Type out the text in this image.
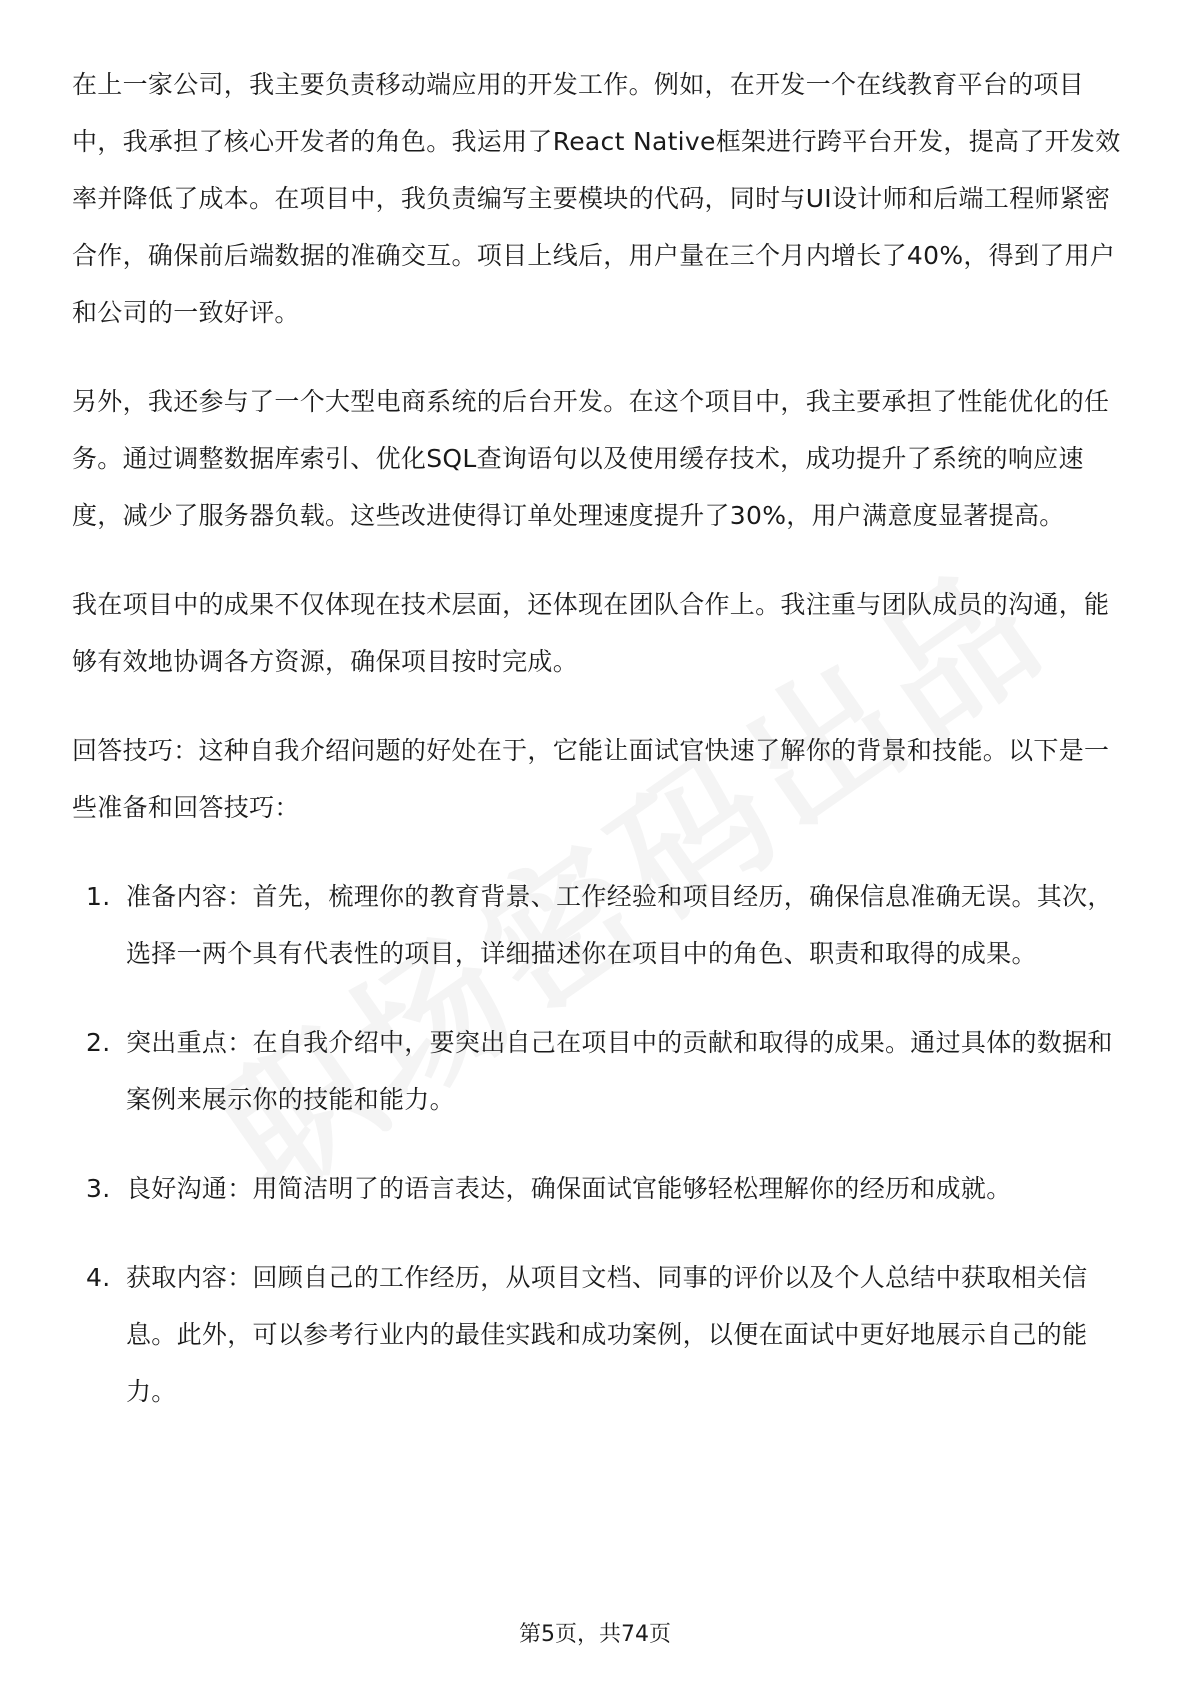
在上一家公司，我主要负责移动端应用的开发工作。例如，在开发一个在线教育平台的项目中，我承担了核心开发者的角色。我运用了React Native框架进行跨平台开发，提高了开发效率并降低了成本。在项目中，我负责编写主要模块的代码，同时与UI设计师和后端工程师紧密合作，确保前后端数据的准确交互。项目上线后，用户量在三个月内增长了40%，得到了用户和公司的一致好评。

另外，我还参与了一个大型电商系统的后台开发。在这个项目中，我主要承担了性能优化的任务。通过调整数据库索引、优化SQL查询语句以及使用缓存技术，成功提升了系统的响应速度，减少了服务器负载。这些改进使得订单处理速度提升了30%，用户满意度显著提高。

我在项目中的成果不仅体现在技术层面，还体现在团队合作上。我注重与团队成员的沟通，能够有效地协调各方资源，确保项目按时完成。

回答技巧：这种自我介绍问题的好处在于，它能让面试官快速了解你的背景和技能。以下是一些准备和回答技巧：

1. 准备内容：首先，梳理你的教育背景、工作经验和项目经历，确保信息准确无误。其次，选择一两个具有代表性的项目，详细描述你在项目中的角色、职责和取得的成果。
2. 突出重点：在自我介绍中，要突出自己在项目中的贡献和取得的成果。通过具体的数据和案例来展示你的技能和能力。
3. 良好沟通：用简洁明了的语言表达，确保面试官能够轻松理解你的经历和成就。
4. 获取内容：回顾自己的工作经历，从项目文档、同事的评价以及个人总结中获取相关信息。此外，可以参考行业内的最佳实践和成功案例，以便在面试中更好地展示自己的能力。
第5页，共74页
